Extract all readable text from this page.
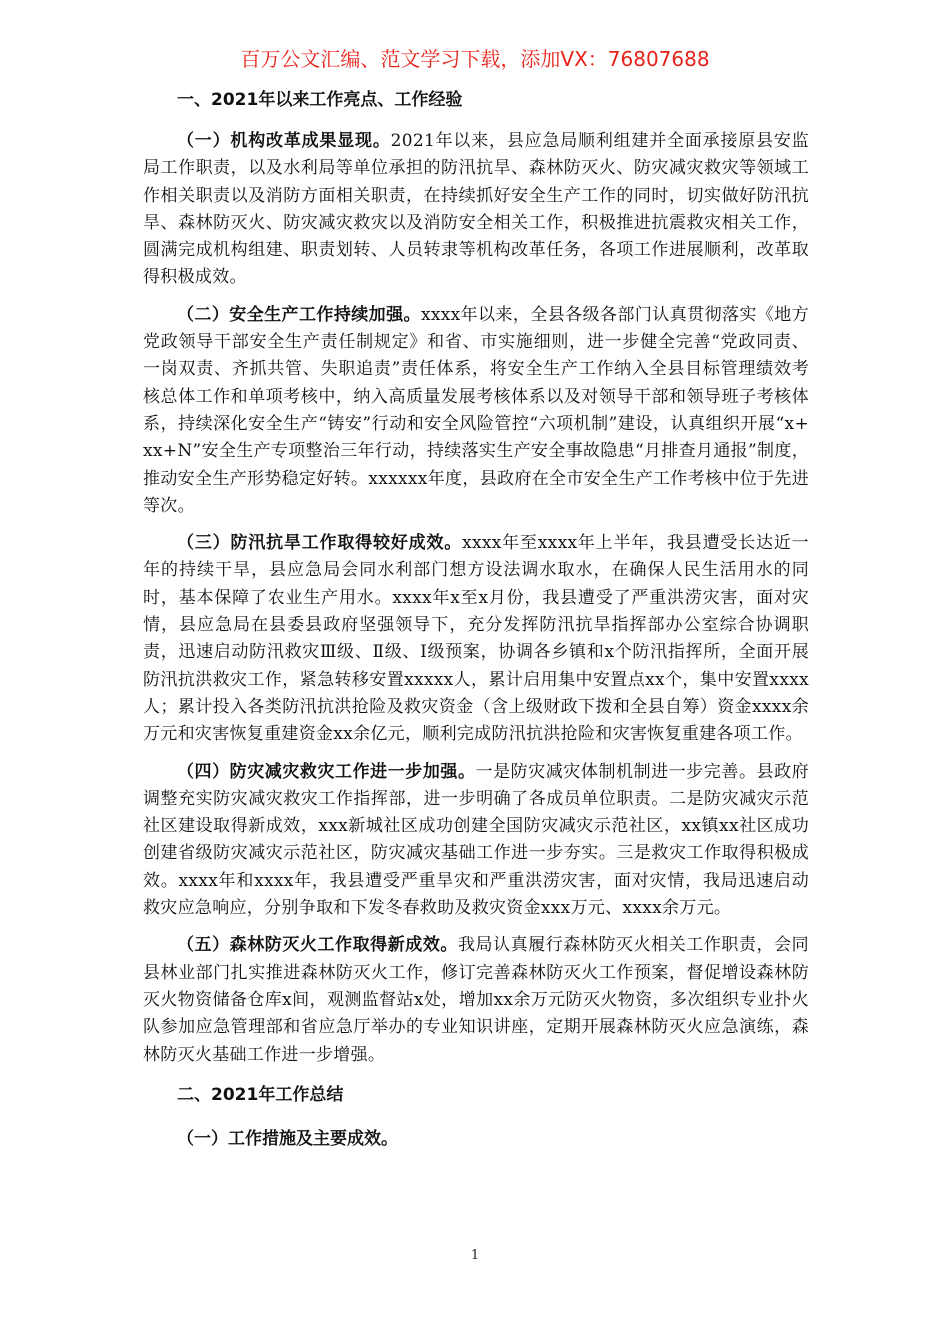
百万公文汇编、范文学习下载，添加VX：76807688
一、2021年以来工作亮点、工作经验

（一）机构改革成果显现。2021年以来，县应急局顺利组建并全面承接原县安监局工作职责，以及水利局等单位承担的防汛抗旱、森林防灭火、防灾减灾救灾等领域工作相关职责以及消防方面相关职责，在持续抓好安全生产工作的同时，切实做好防汛抗旱、森林防灭火、防灾减灾救灾以及消防安全相关工作，积极推进抗震救灾相关工作，圆满完成机构组建、职责划转、人员转隶等机构改革任务，各项工作进展顺利，改革取得积极成效。

（二）安全生产工作持续加强。xxxx年以来，全县各级各部门认真贯彻落实《地方党政领导干部安全生产责任制规定》和省、市实施细则，进一步健全完善“党政同责、一岗双责、齐抓共管、失职追责”责任体系，将安全生产工作纳入全县目标管理绩效考核总体工作和单项考核中，纳入高质量发展考核体系以及对领导干部和领导班子考核体系，持续深化安全生产“铸安”行动和安全风险管控“六项机制”建设，认真组织开展“x+xx+N”安全生产专项整治三年行动，持续落实生产安全事故隐患“月排查月通报”制度，推动安全生产形势稳定好转。xxxxxx年度，县政府在全市安全生产工作考核中位于先进等次。

（三）防汛抗旱工作取得较好成效。xxxx年至xxxx年上半年，我县遭受长达近一年的持续干旱，县应急局会同水利部门想方设法调水取水，在确保人民生活用水的同时，基本保障了农业生产用水。xxxx年x至x月份，我县遭受了严重洪涝灾害，面对灾情，县应急局在县委县政府坚强领导下，充分发挥防汛抗旱指挥部办公室综合协调职责，迅速启动防汛救灾Ⅲ级、Ⅱ级、Ⅰ级预案，协调各乡镇和x个防汛指挥所，全面开展防汛抗洪救灾工作，紧急转移安置xxxxx人，累计启用集中安置点xx个，集中安置xxxx人；累计投入各类防汛抗洪抢险及救灾资金（含上级财政下拨和全县自筹）资金xxxx余万元和灾害恢复重建资金xx余亿元，顺利完成防汛抗洪抢险和灾害恢复重建各项工作。

（四）防灾减灾救灾工作进一步加强。一是防灾减灾体制机制进一步完善。县政府调整充实防灾减灾救灾工作指挥部，进一步明确了各成员单位职责。二是防灾减灾示范社区建设取得新成效，xxx新城社区成功创建全国防灾减灾示范社区，xx镇xx社区成功创建省级防灾减灾示范社区，防灾减灾基础工作进一步夯实。三是救灾工作取得积极成效。xxxx年和xxxx年，我县遭受严重旱灾和严重洪涝灾害，面对灾情，我局迅速启动救灾应急响应，分别争取和下发冬春救助及救灾资金xxx万元、xxxx余万元。

（五）森林防灭火工作取得新成效。我局认真履行森林防灭火相关工作职责，会同县林业部门扎实推进森林防灭火工作，修订完善森林防灭火工作预案，督促增设森林防灭火物资储备仓库x间，观测监督站x处，增加xx余万元防灭火物资，多次组织专业扑火队参加应急管理部和省应急厅举办的专业知识讲座，定期开展森林防灭火应急演练，森林防灭火基础工作进一步增强。

二、2021年工作总结
（一）工作措施及主要成效。
1
